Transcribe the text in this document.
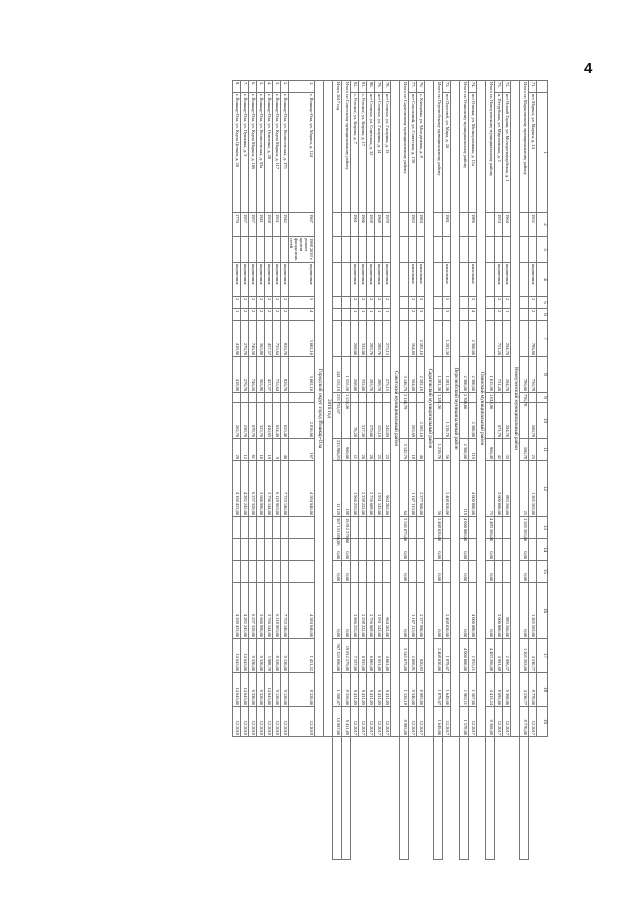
4
	1	2	3	4	5	6	7	8	9	10	11	12	13	14	15	16	17	18	19	
71.	пгт Маркса, ул. Маркса, д. 14	1952		кирпичные	2	2	786,60	736,78		560,78	25	1 205 563,00				1 205 563,00	4 530,77	8 770,00	12.2017	
Итого по Марксовскому муниципальному району								786,60	736,78		560,78	25	1 205 563,00	0,00	0,00	0,00	1 205 563,00	4 530,77	8 770,00	
Новоузенский муниципальный район																				
72.	пгт Новый Тараш, ул. Молодогвардейская, д. 1	1964		кирпичные	2	1	294,70	294,70		294,70	33	883 266,00				883 266,00	2 996,57	9 368,00	12.2017	
73.	п. Петрубская, ул. Мирзоевская, д. 1	1974		кирпичные	2	2	721,20	721,20		671,79	42	3 600 000,00				3 600 000,00	4 991,68	8 695,00	12.2017	
Итого по Новоузенскому муниципальному району								1 015,90	1 015,90		966,49	75	4 483 266,00	0,00	0,00	0,00	4 483 266,00	4 413,24	9 369,00	
Озинский муниципальный район																				
74.	пгт Озинки, ул. Мелиоративная, д. 11а	1986		панельные	5	4	2 300,00	2 300,00		2 300,00	119	4 000 000,00				4 000 000,00	1 835,11	1 507,00	12.2017	
Итого по Озинскому муниципальному району								2 300,00	2 300,00		2 300,00	119	4 000 000,00	0,00	0,00	0,00	4 000 000,00	1 905,11	1 578,00	
Перелюбский муниципальный район																				
75.	пгт Перелюб, ул. Мира, д. 26	1981		панельные	5	3	1 281,30	1 281,30		1 219,70	56	2 408 020,00				2 408 020,00	1 879,67	1 649,00	12.2017	
Итого по Перелюбскому муниципальному району								1 281,30	1 281,30		1 219,70	56	2 408 020,00	0,00	0,00	0,00	2 408 020,00	1 879,67	1 649,00	
Саратовский муниципальный район																				
76.	с. Клещевка, ул. Молодёжная, д. 8	1984		панельные	5	3	2 582,10	2 582,10		2 582,10	46	2 377 960,00				2 377 960,00	920,93	8 985,00	12.2017	
77.	пгт Соколовый, ул. Советская, д. 139	1963		панельные	2	2	564,69	564,69		563,69	18	1 167 115,00				1 167 115,00	2 066,81	9 540,00	12.2017	
Итого по Саратовскому муниципальному району								3 146,79	3 146,79		3 145,79	64	3 545 075,00	0,00	0,00	0,00	3 545 075,00	1 126,18	8 985,00	
Советский муниципальный район																				
78.	пгт Степное, ул. Гагарина, д. 13	1978		кирпичные	2	1	273,15	273,15		242,09	22	964 202,00				964 202,00	4 001,00	9 411,09	12.2017	
79.	пгт Степное, ул. Гагарина, д. 14	1968		кирпичные	2	1	288,70	288,70		155,19	25	1 931 143,00				1 931 143,00	6 951,00	9 411,09	12.2017	
80.	пгт Степное, ул. Советская, д. 32	1958		кирпичные	2	1	293,70	293,70		279,00	20	2 756 608,00				2 756 608,00	6 005,00	9 411,09	12.2017	
81.	с. Розовое, ул. Кирова, д. 17	1960		кирпичные	2	1	332,00	332,00		317,30	26	2 238 222,00				2 238 222,00	6 935,00	9 411,09	12.2017	
82.	с. Розовое, ул. Кирова, д. 7	1961		кирпичные	2	1	268,00	268,00		76,20	11	1 966 255,00				1 966 255,00	7 337,00	9 411,09	12.2017	
Итого по Советскому муниципальному району								1 555,50	1 555,50		960,00	188	19 812 279,00	0,00	0,00	0,00	19 812 279,00	8 556,00	9 411,09	
Итого 2017 год								241 155,19	233 755,67		213 806,83	11 129	367 153 096,00	0,00	0,00	0,00	367 153 096,00	1 168,67	14 997,00	
2018 год																				
Городской округ город Йошкар-Ола																				
1.	г. Йошкар-Ола, ул. Маркса, д. 124	1967	1998 2018 г. ремонт кровли фасада инж. сетей	кирпичные	5	4	3 002,10	3 002,10		2 816,60	167	4 584 940,00				4 584 940,00	1 421,52	8 520,00	12.2018	
2.	г. Йошкар-Ола, ул. Вознесенская, д. 175	1942		кирпичные	2	2	826,70	826,70		655,40	46	7 753 146,00				7 753 146,00	9 120,00	9 120,00	12.2018	
3.	г. Йошкар-Ола, ул. Карла Маркса, д. 117	1951		кирпичные	2	2	735,64	735,64		634,49	9	6 118 963,00				6 118 963,00	8 320,00	9 120,00	12.2018	
4.	г. Йошкар-Ола, ул. Осипенко, д. 20	1958		кирпичные	2	2	457,57	457,57		410,93	19	3 750 144,00				3 750 144,00	5 988,78	14 645,00	12.2018	
5.	г. Йошкар-Ола, ул. Вознесенская, д. 93а	1941		кирпичные	2	2	365,80	365,80		325,70	10	3 660 996,00				3 660 996,00	9 320,00	9 320,00	12.2018	
6.	г. Йошкар-Ола, ул. Карла Маркса, д. 106	1957		кирпичные	2	2	746,50	746,50		678,70	61	6 237 329,00				6 237 329,00	9 330,00	9 330,00	12.2018	
7.	г. Йошкар-Ола, ул. Пушкина, д. 3	1957		кирпичные	2	2	276,70	276,70		238,70	12	4 282 245,00				4 282 245,00	14 645,00	14 645,00	12.2018	
8.	г. Йошкар-Ола, ул. Карла Цеткин, д. 20	1779		кирпичные	2	1	418,90	418,90		262,70	29	4 169 453,00				4 169 453,00	14 645,00	14 645,00	12.2018	
